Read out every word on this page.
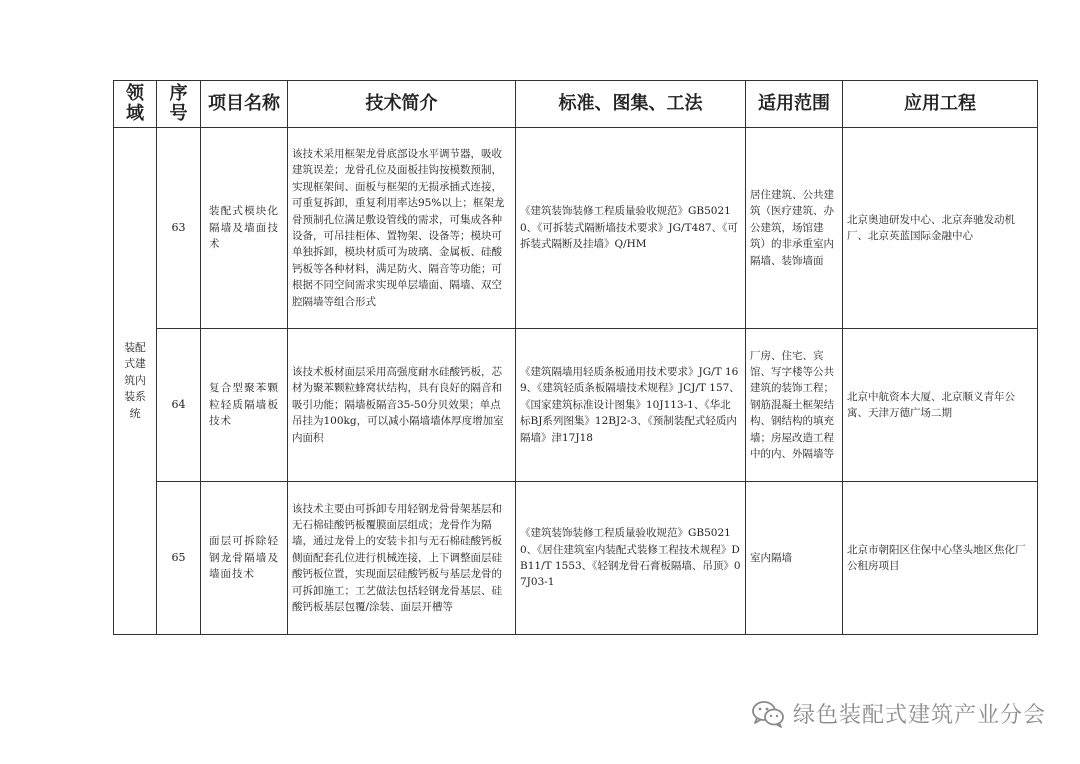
领域	序号	项目名称	技术简介	标准、图集、工法	适用范围	应用工程
装配式建筑内装系统	63	装配式模块化隔墙及墙面技术	该技术采用框架龙骨底部设水平调节器，吸收建筑误差；龙骨孔位及面板挂钩按模数预制，实现框架间、面板与框架的无损承插式连接，可重复拆卸，重复利用率达95%以上；框架龙骨预制孔位满足敷设管线的需求，可集成各种设备，可吊挂柜体、置物架、设备等；模块可单独拆卸，模块材质可为玻璃、金属板、硅酸钙板等各种材料，满足防火、隔音等功能；可根据不同空间需求实现单层墙面、隔墙、双空腔隔墙等组合形式	《建筑装饰装修工程质量验收规范》GB50210、《可拆装式隔断墙技术要求》JG/T487、《可拆装式隔断及挂墙》Q/HM	居住建筑、公共建筑（医疗建筑、办公建筑，场馆建筑）的非承重室内隔墙、装饰墙面	北京奥迪研发中心、北京奔驰发动机厂、北京英蓝国际金融中心
	64	复合型聚苯颗粒轻质隔墙板技术	该技术板材面层采用高强度耐水硅酸钙板，芯材为聚苯颗粒蜂窝状结构，具有良好的隔音和吸引功能；隔墙板隔音35-50分贝效果；单点吊挂为100kg，可以减小隔墙墙体厚度增加室内面积	《建筑隔墙用轻质条板通用技术要求》JG/T 169、《建筑轻质条板隔墙技术规程》JCJ/T 157、《国家建筑标准设计图集》10J113-1、《华北标BJ系列图集》12BJ2-3、《预制装配式轻质内隔墙》津17J18	厂房、住宅、宾馆、写字楼等公共建筑的装饰工程；钢筋混凝土框架结构、钢结构的填充墙；房屋改造工程中的内、外隔墙等	北京中航资本大厦、北京顺义青年公寓、天津万德广场二期
	65	面层可拆除轻钢龙骨隔墙及墙面技术	该技术主要由可拆卸专用轻钢龙骨骨架基层和无石棉硅酸钙板覆膜面层组成；龙骨作为隔墙，通过龙骨上的安装卡扣与无石棉硅酸钙板侧面配套孔位进行机械连接，上下调整面层硅酸钙板位置，实现面层硅酸钙板与基层龙骨的可拆卸施工；工艺做法包括轻钢龙骨基层、硅酸钙板基层包覆/涂装、面层开槽等	《建筑装饰装修工程质量验收规范》GB50210、《居住建筑室内装配式装修工程技术规程》DB11/T 1553、《轻钢龙骨石膏板隔墙、吊顶》07J03-1	室内隔墙	北京市朝阳区住保中心垡头地区焦化厂公租房项目
绿色装配式建筑产业分会
